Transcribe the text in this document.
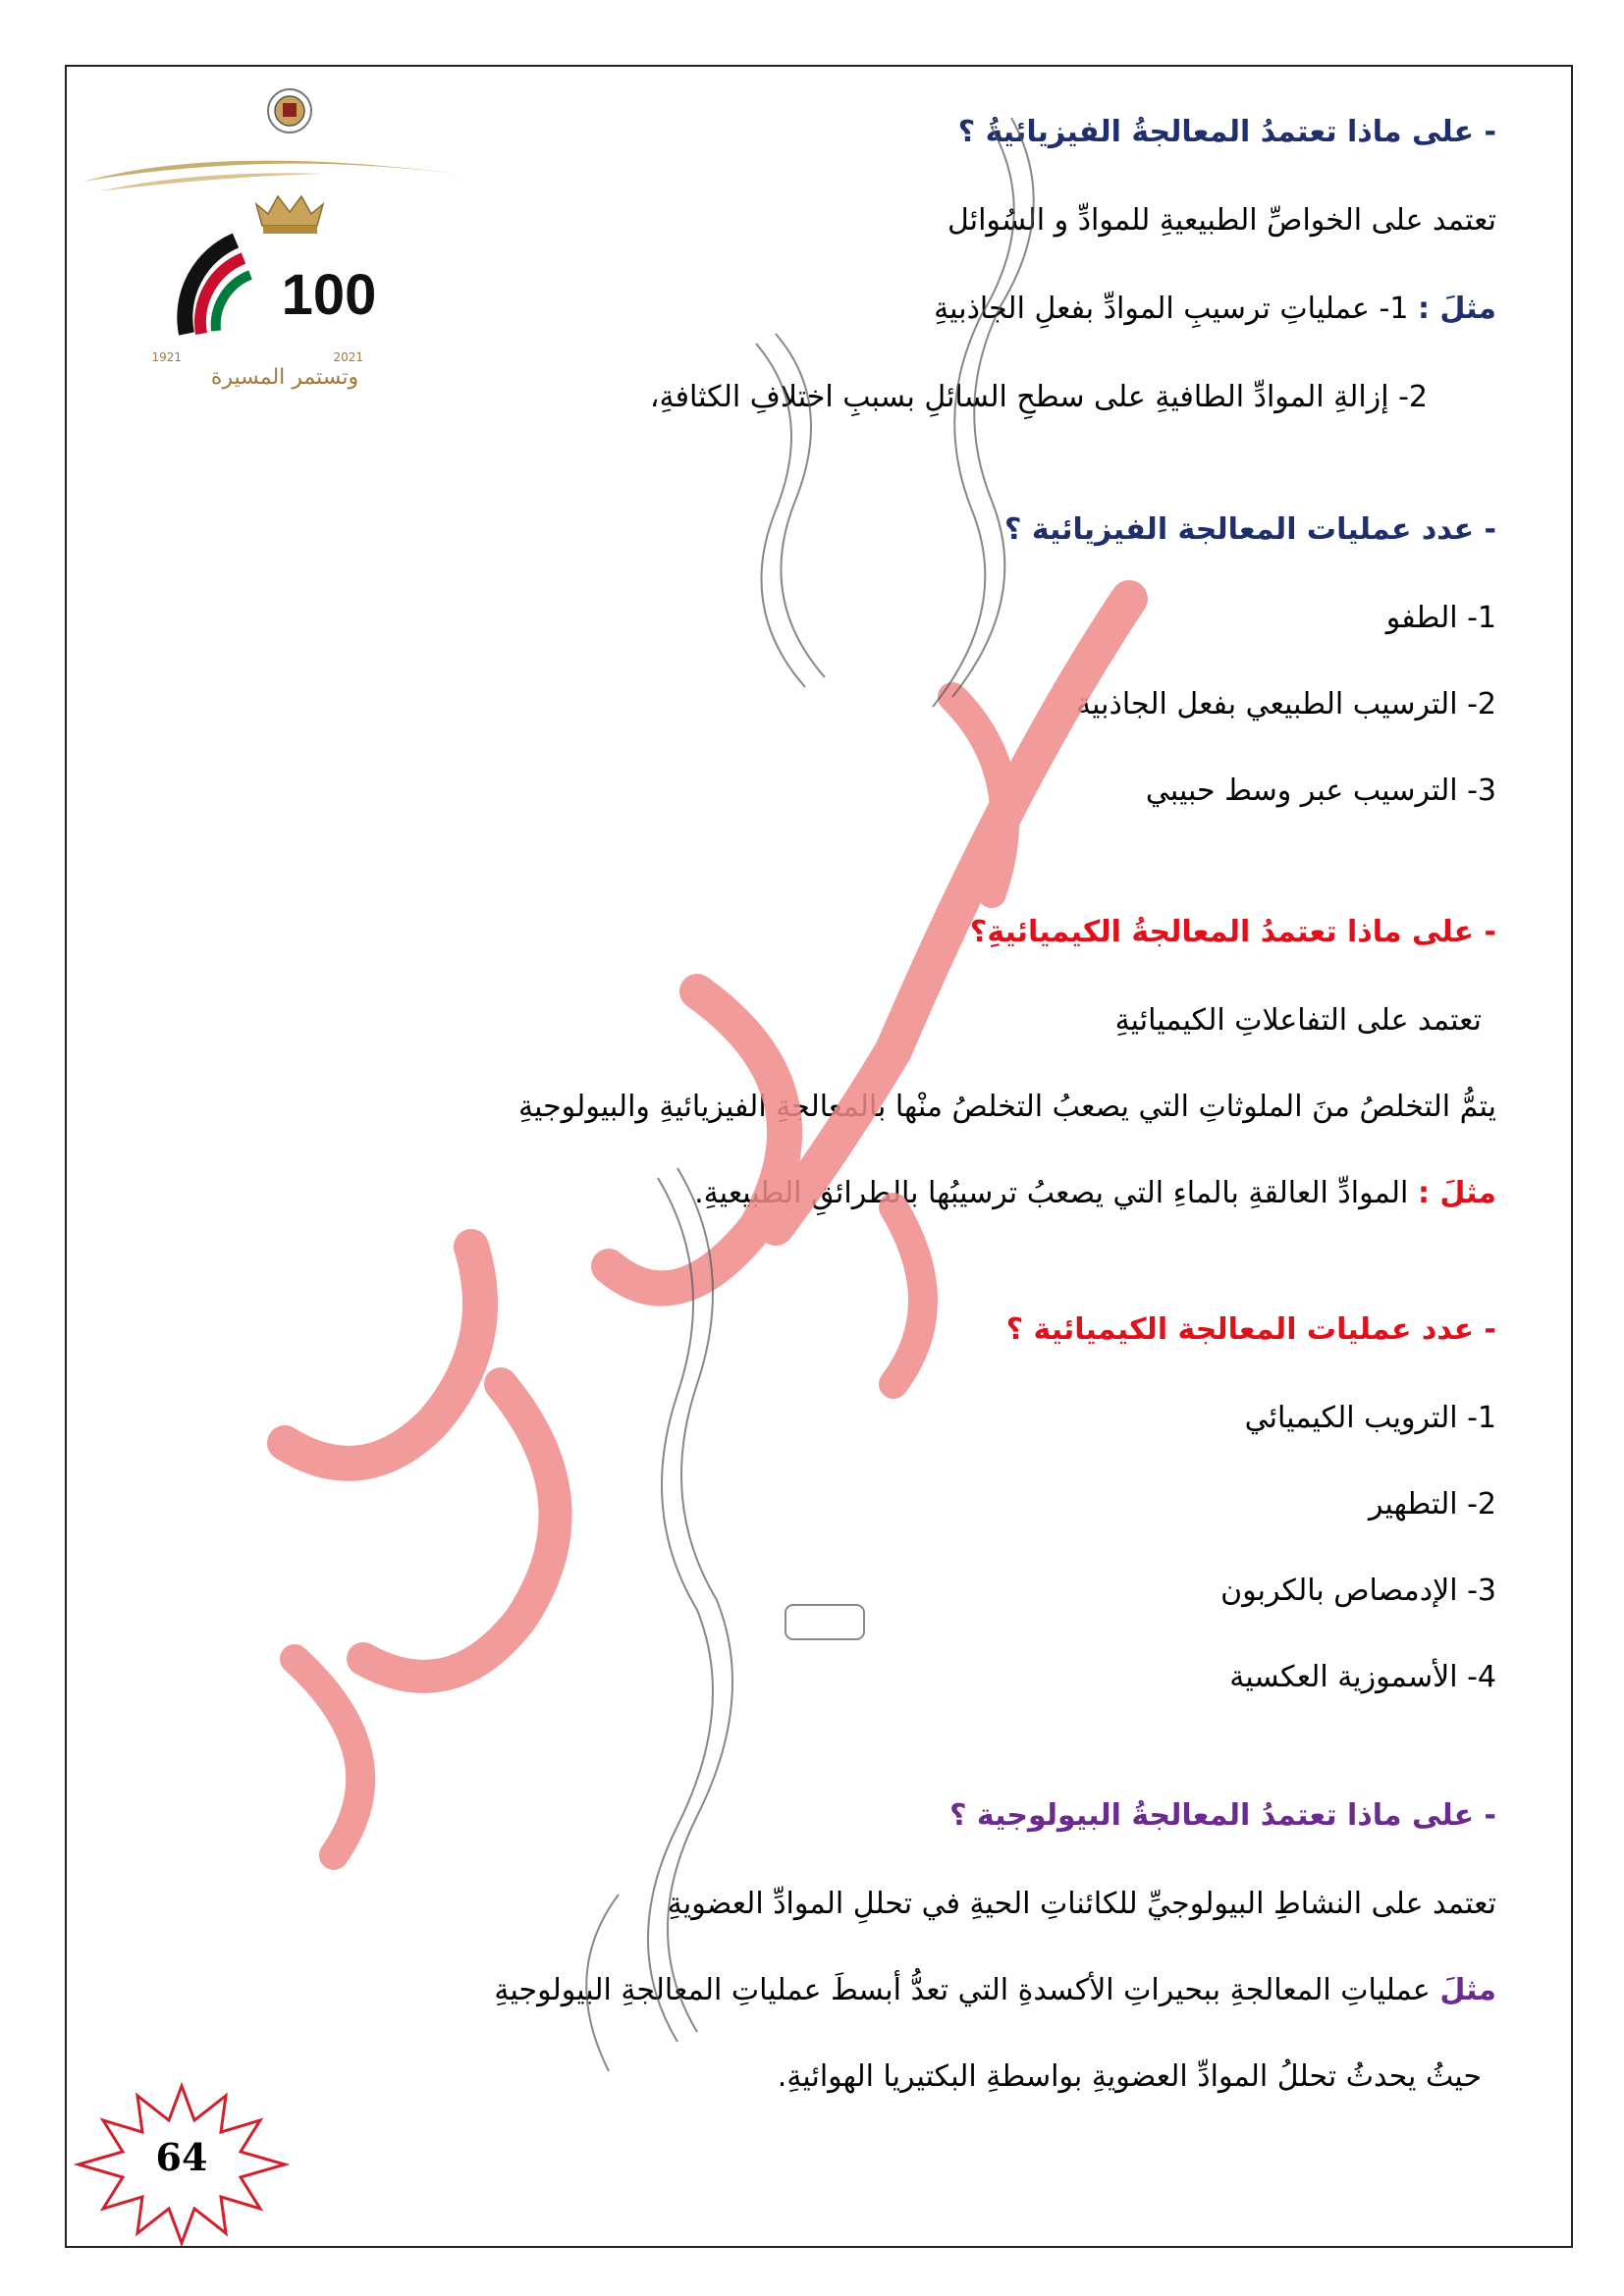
100
1921	2021
وتستمر المسيرة
- على ماذا تعتمدُ المعالجةُ الفيزيائيةُ ؟
تعتمد على الخواصِّ الطبيعيةِ للموادِّ و السُوائل
مثلَ : 1- عملياتِ ترسيبِ الموادِّ بفعلِ الجاذبيةِ
2- إزالةِ الموادِّ الطافيةِ على سطحِ السائلِ بسببِ اختلافِ الكثافةِ،
- عدد عمليات المعالجة الفيزيائية ؟
1- الطفو
2- الترسيب الطبيعي بفعل الجاذبية
3- الترسيب عبر وسط حبيبي
- على ماذا تعتمدُ المعالجةُ الكيميائيةِ؟
تعتمد على التفاعلاتِ الكيميائيةِ
يتمُّ التخلصُ منَ الملوثاتِ التي يصعبُ التخلصُ منْها بالمعالجةِ الفيزيائيةِ والبيولوجيةِ
مثلَ : الموادِّ العالقةِ بالماءِ التي يصعبُ ترسيبُها بالطرائقِ الطبيعيةِ.
- عدد عمليات المعالجة الكيميائية ؟
1- الترويب الكيميائي
2- التطهير
3- الإدمصاص بالكربون
4- الأسموزية العكسية
- على ماذا تعتمدُ المعالجةُ البيولوجية ؟
تعتمد على النشاطِ البيولوجيِّ للكائناتِ الحيةِ في تحللِ الموادِّ العضويةِ
مثلَ عملياتِ المعالجةِ ببحيراتِ الأكسدةِ التي تعدُّ أبسطَ عملياتِ المعالجةِ البيولوجيةِ
حيثُ يحدثُ تحللُ الموادِّ العضويةِ بواسطةِ البكتيريا الهوائيةِ.
64
